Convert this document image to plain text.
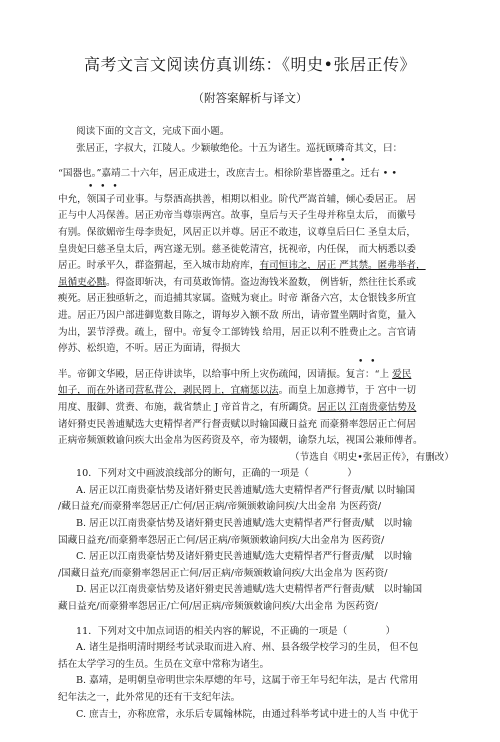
高考文言文阅读仿真训练：《明史•张居正传》
（附答案解析与译文）
阅读下面的文言文，完成下面小题。
张居正，字叔大，江陵人。少颖敏绝伦。十五为诸生。巡抚顾璘奇其文，曰：
• •
“国器也。”嘉靖二十六年，居正成进士，改庶吉士。相徐阶辈皆器重之。迁右 • •
• • •
中允，领国子司业事。与祭酒高拱善，相期以相业。阶代严嵩首辅，倾心委居正。 居
正与中人冯保善。居正劝帝当尊崇两宫。故事，皇后与天子生母并称皇太后， 而徽号
有别。保欲媚帝生母李贵妃，风居正以并尊。居正不敢违，议尊皇后曰仁 圣皇太后，
皇贵妃曰慈圣皇太后，两宫遂无别。慈圣徙乾清宫，抚视帝，内任保， 而大柄悉以委
居正。时承平久，群盗猬起，至入城市劫府库，有司恒讳之，居正 严其禁。匿弗举者，
虽循吏必黜。得盗即斩决，有司莫敢饰情。盗边海钱米盈数， 例皆斩，然往往长系或
瘐死。居正独亟斩之，而追捕其家属。盗贼为衰止。时帝 渐备六宫，太仓银钱多所宜
进。居正乃因户部进御览数目陈之，谓每岁入额不敌 所出，请帝置坐隅时省览，量入
为出，罢节浮费。疏上，留中。帝复令工部铸钱 给用，居正以利不胜费止之。言官请
停苏、松织造，不听。居正为面请，得损大
• •
半。帝御文华殿，居正侍讲读毕，以给事中所上灾伤疏闻，因请振。复言：“上 爱民
如子，而在外诸司营私背公，剥民罔上，宜痛惩以法。而皇上加意撙节，于 宫中一切
用度、服御、赏赉、布施，裁省禁止 J 帝首肯之，有所蠲贷。居正以 江南贵豪怙势及
诸奸猾吏民善逋赋选大吏精悍者严行督责赋以时输国藏日益充 而豪猾率怨居正亡何居
正病帝频颁敕谕问疾大出金帛为医药资及卒，帝为辍朝，谕祭九坛，视国公兼师傅者。
（节选自《明史•张居正传》，有删改）
10．下列对文中画波浪线部分的断句，正确的一项是（　　　　）
A. 居正以江南贵豪怙势及诸奸猾吏民善逋赋/选大吏精悍者严行督责/赋 以时输国
/藏日益充/而豪猾率怨居正/亡何/居正病/帝频颁敕谕问疾/大出金帛 为医药资/
B. 居正以江南贵豪怙势及诸奸猾吏民善逋赋/选大吏精悍者严行督责/赋　以时输
国藏日益充/而豪猾率怨居正亡何/居正病/帝频颁敕谕问疾/大出金帛为 医药资/
C. 居正以江南贵豪怙势及诸奸猾吏民善逋赋/选大吏精悍者严行督责/赋　以时输
/国藏日益充/而豪猾率怨居正亡何/居正病/帝频颁敕谕问疾/大出金帛为 医药资/
D. 居正以江南贵豪怙势及诸奸猾吏民善逋赋/选大吏精悍者严行督责/赋　以时输国
藏日益充/而豪猾率怨居正/亡何/居正病/帝频颁敕谕问疾/大出金帛 为医药资/
11．下列对文中加点词语的相关内容的解说，不正确的一项是（　　　　）
A. 诸生是指明清时期经考试录取而进入府、州、县各级学校学习的生员， 但不包
括在太学学习的生员。生员在文章中常称为诸生。
B. 嘉靖，是明朝皇帝明世宗朱厚熜的年号，这属于帝王年号纪年法，是古 代常用
纪年法之一，此外常见的还有干支纪年法。
C. 庶吉士，亦称庶常，永乐后专属翰林院，由通过科举考试中进士的人当 中优于
